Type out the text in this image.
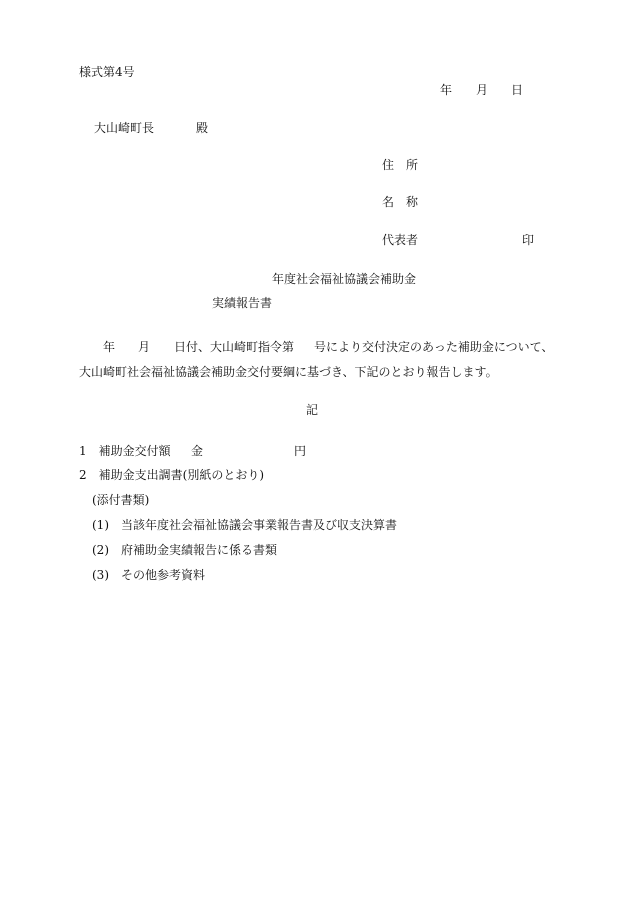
様式第4号
年 月 日
大山崎町長	殿
住　所
名　称
代表者	印
年度社会福祉協議会補助金
実績報告書
年 月 日付、大山崎町指令第 号により交付決定のあった補助金について、
大山崎町社会福祉協議会補助金交付要綱に基づき、下記のとおり報告します。
記
1　補助金交付額 金	円
2　補助金支出調書(別紙のとおり)
(添付書類)
(1)　当該年度社会福祉協議会事業報告書及び収支決算書
(2)　府補助金実績報告に係る書類
(3)　その他参考資料
